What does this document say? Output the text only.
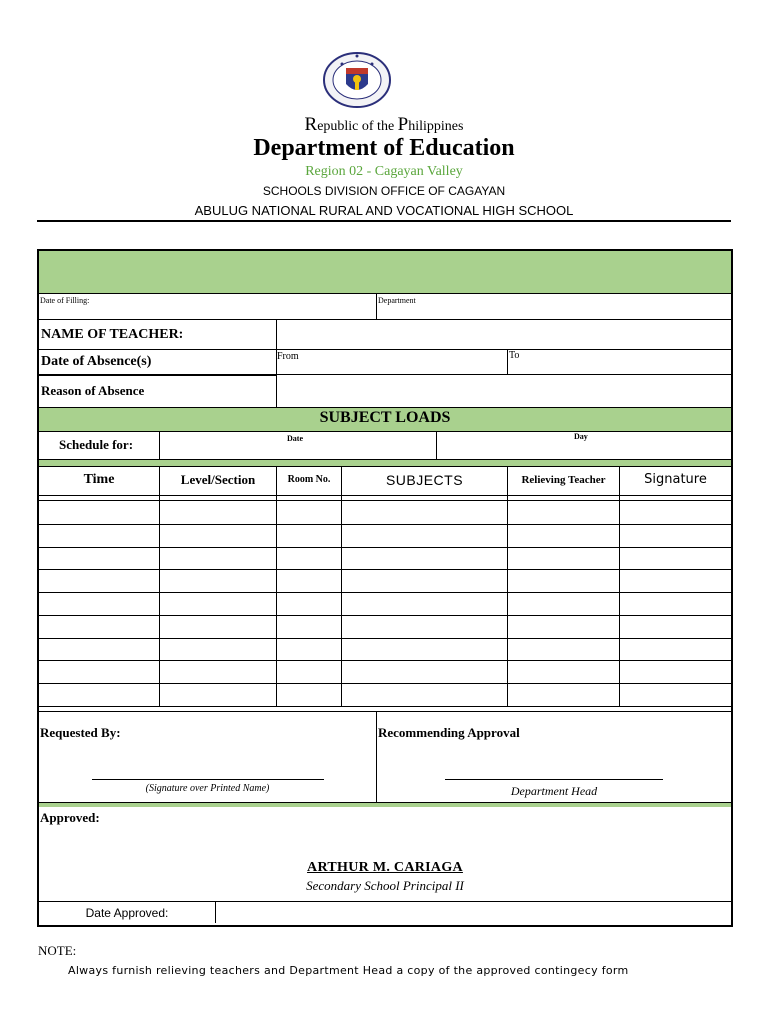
Republic of the Philippines
Department of Education
Region 02 - Cagayan Valley
SCHOOLS DIVISION OFFICE OF CAGAYAN
ABULUG NATIONAL RURAL AND VOCATIONAL HIGH SCHOOL
Date of Filling:	Department
NAME OF TEACHER:
Date of Absence(s)	From	To
Reason of Absence
SUBJECT LOADS
Schedule for:	Date	Day
Time	Level/Section	Room No.	SUBJECTS	Relieving Teacher	Signature
Requested By:
(Signature over Printed Name)
Recommending Approval
Department Head
Approved:
ARTHUR M. CARIAGA
Secondary School Principal II
Date Approved:
NOTE:
Always furnish relieving teachers and Department Head a copy of the approved contingecy form
